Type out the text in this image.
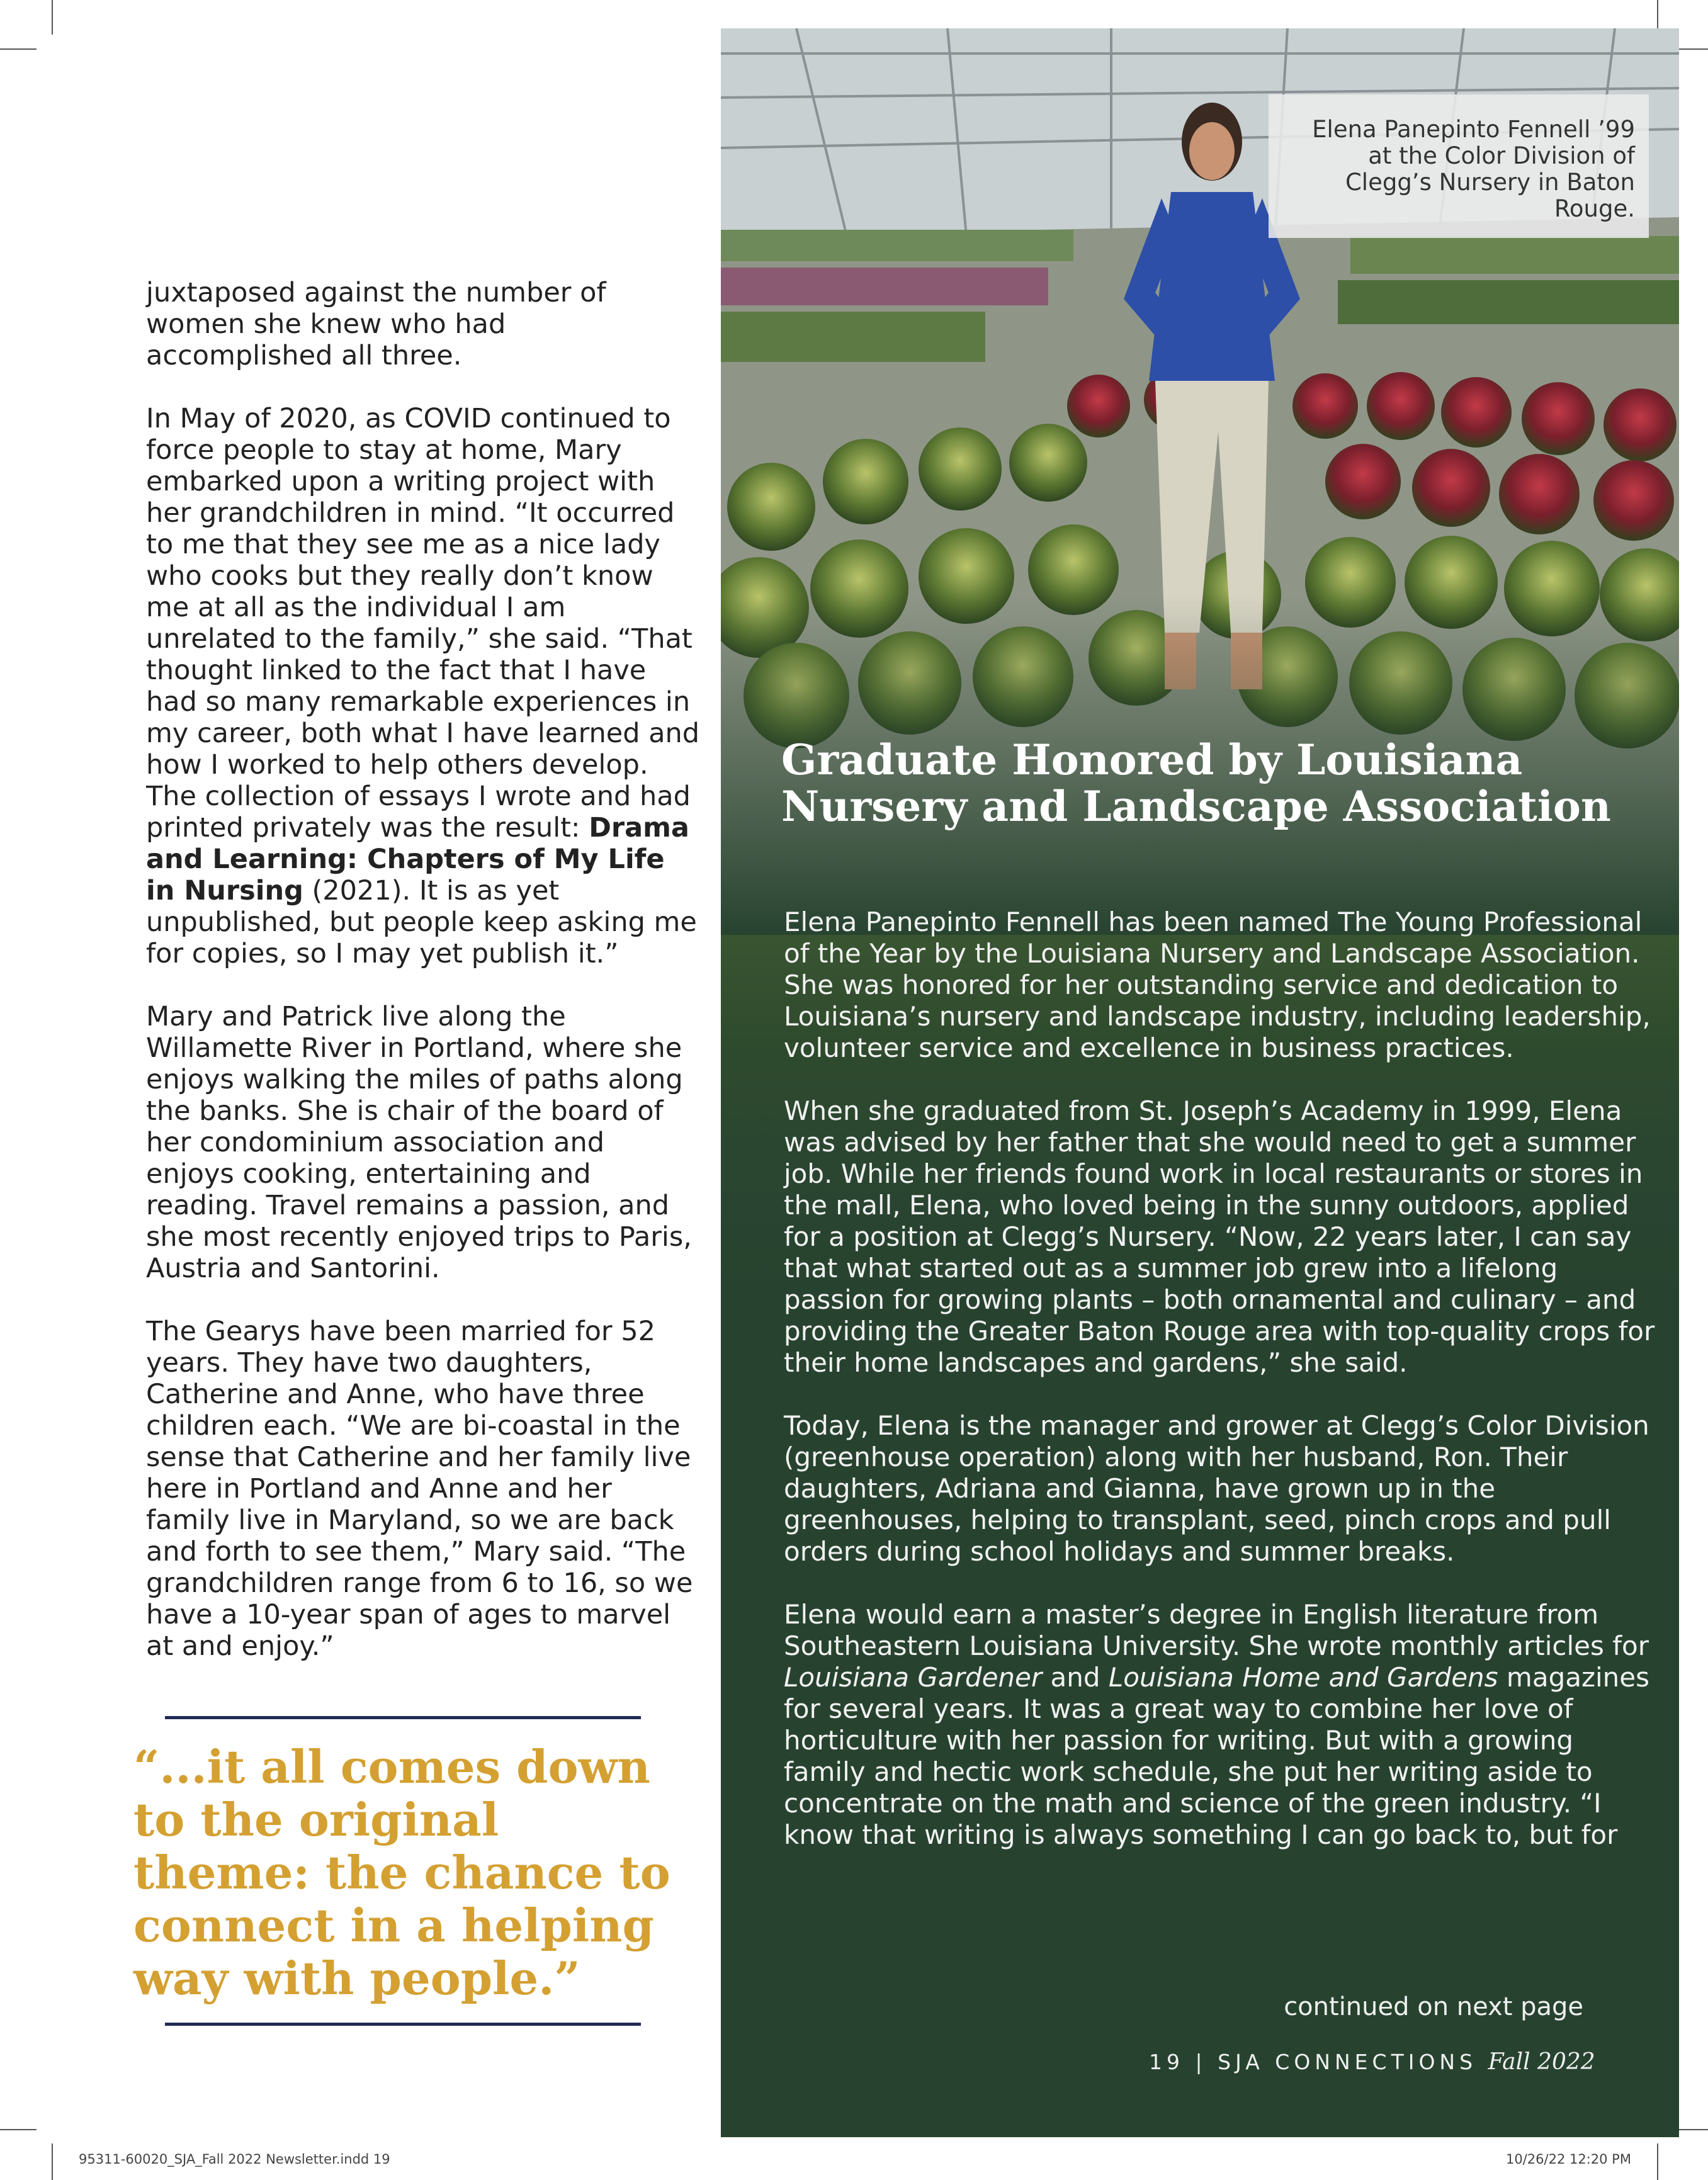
juxtaposed against the number of women she knew who had accomplished all three.

In May of 2020, as COVID continued to force people to stay at home, Mary embarked upon a writing project with her grandchildren in mind. “It occurred to me that they see me as a nice lady who cooks but they really don’t know me at all as the individual I am unrelated to the family,” she said. “That thought linked to the fact that I have had so many remarkable experiences in my career, both what I have learned and how I worked to help others develop. The collection of essays I wrote and had printed privately was the result: Drama and Learning: Chapters of My Life in Nursing (2021). It is as yet unpublished, but people keep asking me for copies, so I may yet publish it.”

Mary and Patrick live along the Willamette River in Portland, where she enjoys walking the miles of paths along the banks. She is chair of the board of her condominium association and enjoys cooking, entertaining and reading. Travel remains a passion, and she most recently enjoyed trips to Paris, Austria and Santorini.

The Gearys have been married for 52 years. They have two daughters, Catherine and Anne, who have three children each. “We are bi-coastal in the sense that Catherine and her family live here in Portland and Anne and her family live in Maryland, so we are back and forth to see them,” Mary said. “The grandchildren range from 6 to 16, so we have a 10-year span of ages to marvel at and enjoy.”

“...it all comes down to the original theme: the chance to connect in a helping way with people.”
Elena Panepinto Fennell ’99 at the Color Division of Clegg’s Nursery in Baton Rouge.
Graduate Honored by Louisiana Nursery and Landscape Association

Elena Panepinto Fennell has been named The Young Professional of the Year by the Louisiana Nursery and Landscape Association. She was honored for her outstanding service and dedication to Louisiana’s nursery and landscape industry, including leadership, volunteer service and excellence in business practices.

When she graduated from St. Joseph’s Academy in 1999, Elena was advised by her father that she would need to get a summer job. While her friends found work in local restaurants or stores in the mall, Elena, who loved being in the sunny outdoors, applied for a position at Clegg’s Nursery. “Now, 22 years later, I can say that what started out as a summer job grew into a lifelong passion for growing plants – both ornamental and culinary – and providing the Greater Baton Rouge area with top-quality crops for their home landscapes and gardens,” she said.

Today, Elena is the manager and grower at Clegg’s Color Division (greenhouse operation) along with her husband, Ron. Their daughters, Adriana and Gianna, have grown up in the greenhouses, helping to transplant, seed, pinch crops and pull orders during school holidays and summer breaks.

Elena would earn a master’s degree in English literature from Southeastern Louisiana University. She wrote monthly articles for Louisiana Gardener and Louisiana Home and Gardens magazines for several years. It was a great way to combine her love of horticulture with her passion for writing. But with a growing family and hectic work schedule, she put her writing aside to concentrate on the math and science of the green industry. “I know that writing is always something I can go back to, but for

continued on next page
19 | SJA CONNECTIONS Fall 2022
95311-60020_SJA_Fall 2022 Newsletter.indd 19	10/26/22 12:20 PM
